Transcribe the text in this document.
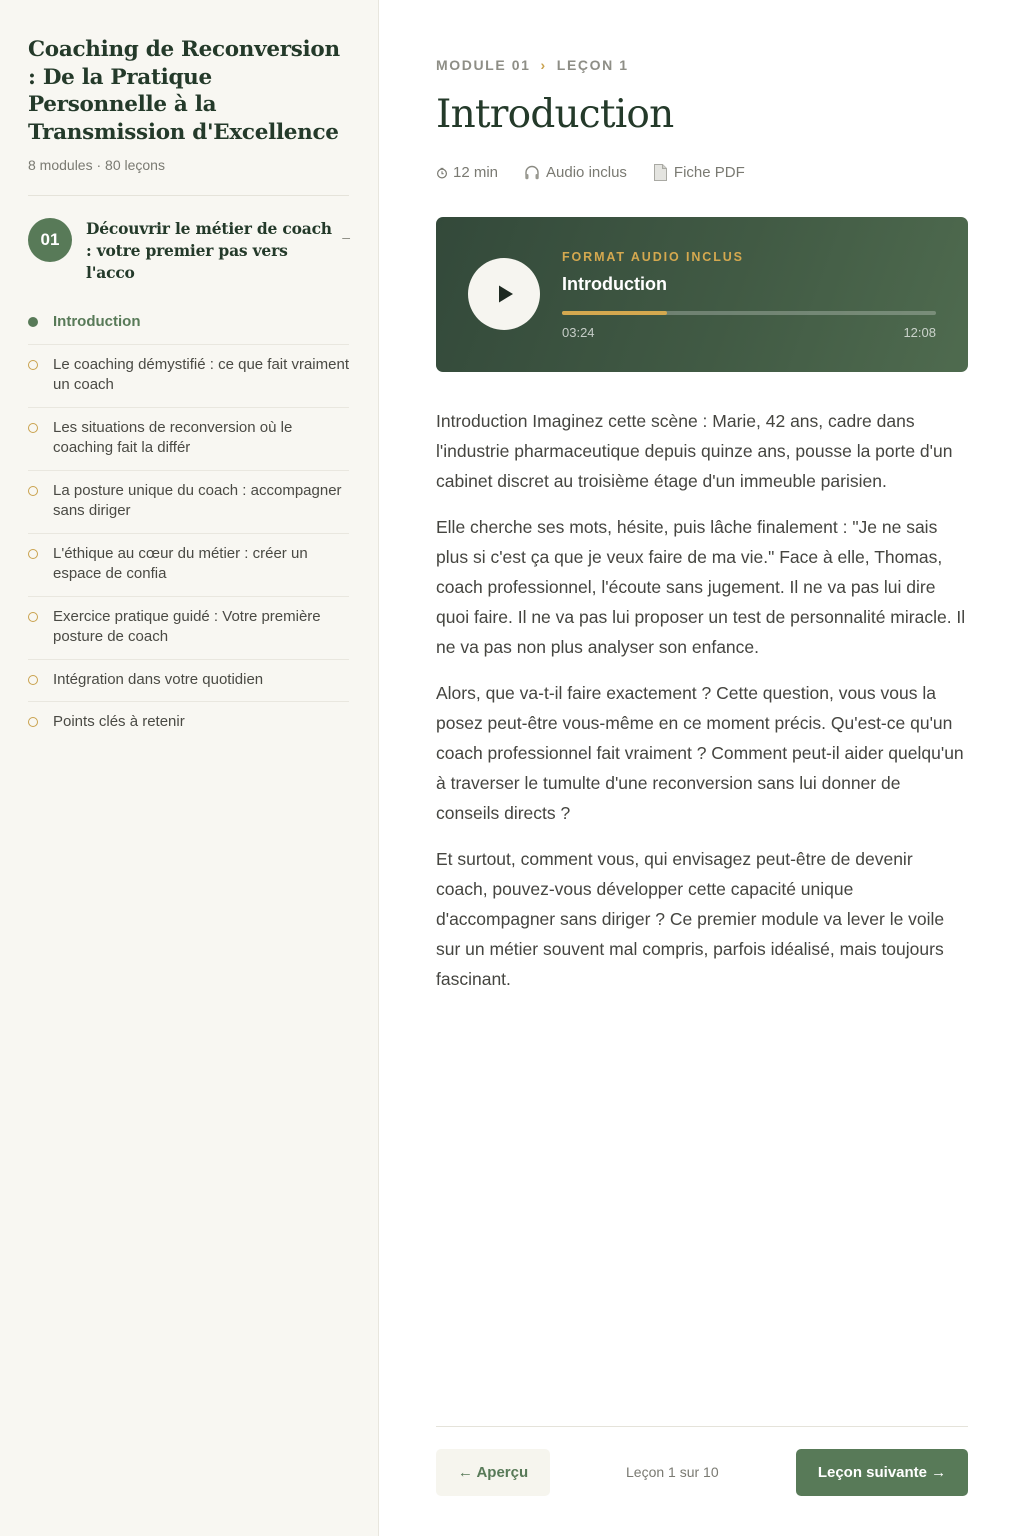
Coaching de Reconversion : De la Pratique Personnelle à la Transmission d'Excellence
8 modules · 80 leçons
01
Découvrir le métier de coach : votre premier pas vers l'acco
–
Introduction
Le coaching démystifié : ce que fait vraiment un coach
Les situations de reconversion où le coaching fait la différ
La posture unique du coach : accompagner sans diriger
L'éthique au cœur du métier : créer un espace de confia
Exercice pratique guidé : Votre première posture de coach
Intégration dans votre quotidien
Points clés à retenir
MODULE 01 › LEÇON 1
Introduction
12 min	Audio inclus	Fiche PDF
FORMAT AUDIO INCLUS
Introduction
03:24	12:08

Introduction Imaginez cette scène : Marie, 42 ans, cadre dans l'industrie pharmaceutique depuis quinze ans, pousse la porte d'un cabinet discret au troisième étage d'un immeuble parisien.

Elle cherche ses mots, hésite, puis lâche finalement : "Je ne sais plus si c'est ça que je veux faire de ma vie." Face à elle, Thomas, coach professionnel, l'écoute sans jugement. Il ne va pas lui dire quoi faire. Il ne va pas lui proposer un test de personnalité miracle. Il ne va pas non plus analyser son enfance.

Alors, que va-t-il faire exactement ? Cette question, vous vous la posez peut-être vous-même en ce moment précis. Qu'est-ce qu'un coach professionnel fait vraiment ? Comment peut-il aider quelqu'un à traverser le tumulte d'une reconversion sans lui donner de conseils directs ?

Et surtout, comment vous, qui envisagez peut-être de devenir coach, pouvez-vous développer cette capacité unique d'accompagner sans diriger ? Ce premier module va lever le voile sur un métier souvent mal compris, parfois idéalisé, mais toujours fascinant.

← Aperçu	Leçon 1 sur 10	Leçon suivante →
